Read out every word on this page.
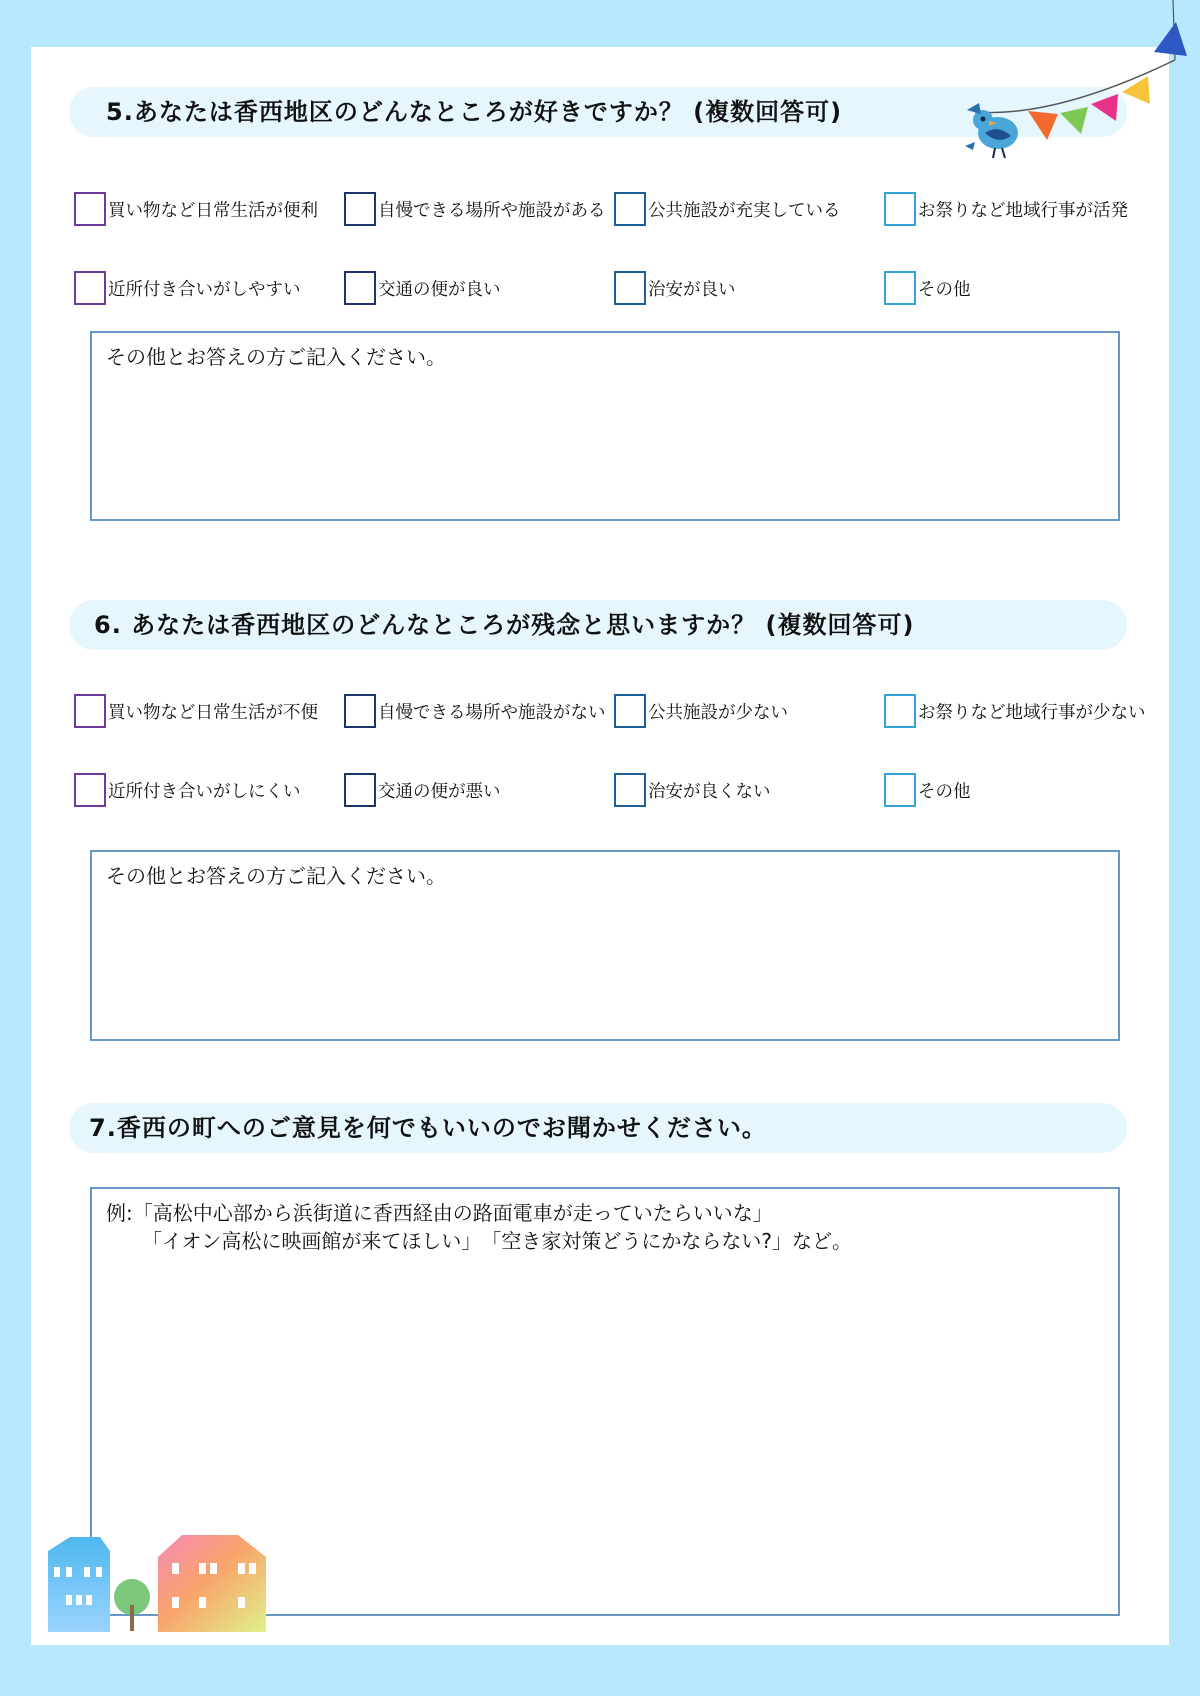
5.あなたは香西地区のどんなところが好きですか？ (複数回答可)
買い物など日常生活が便利	自慢できる場所や施設がある 公共施設が充実している	お祭りなど地域行事が活発
近所付き合いがしやすい	交通の便が良い	治安が良い	その他
その他とお答えの方ご記入ください。
6. あなたは香西地区のどんなところが残念と思いますか？ (複数回答可)
買い物など日常生活が不便	自慢できる場所や施設がない 公共施設が少ない	お祭りなど地域行事が少ない
近所付き合いがしにくい	交通の便が悪い	治安が良くない	その他
その他とお答えの方ご記入ください。
7.香西の町へのご意見を何でもいいのでお聞かせください。
例:「高松中心部から浜街道に香西経由の路面電車が走っていたらいいな」
「イオン高松に映画館が来てほしい」　「空き家対策どうにかならない?」など。
